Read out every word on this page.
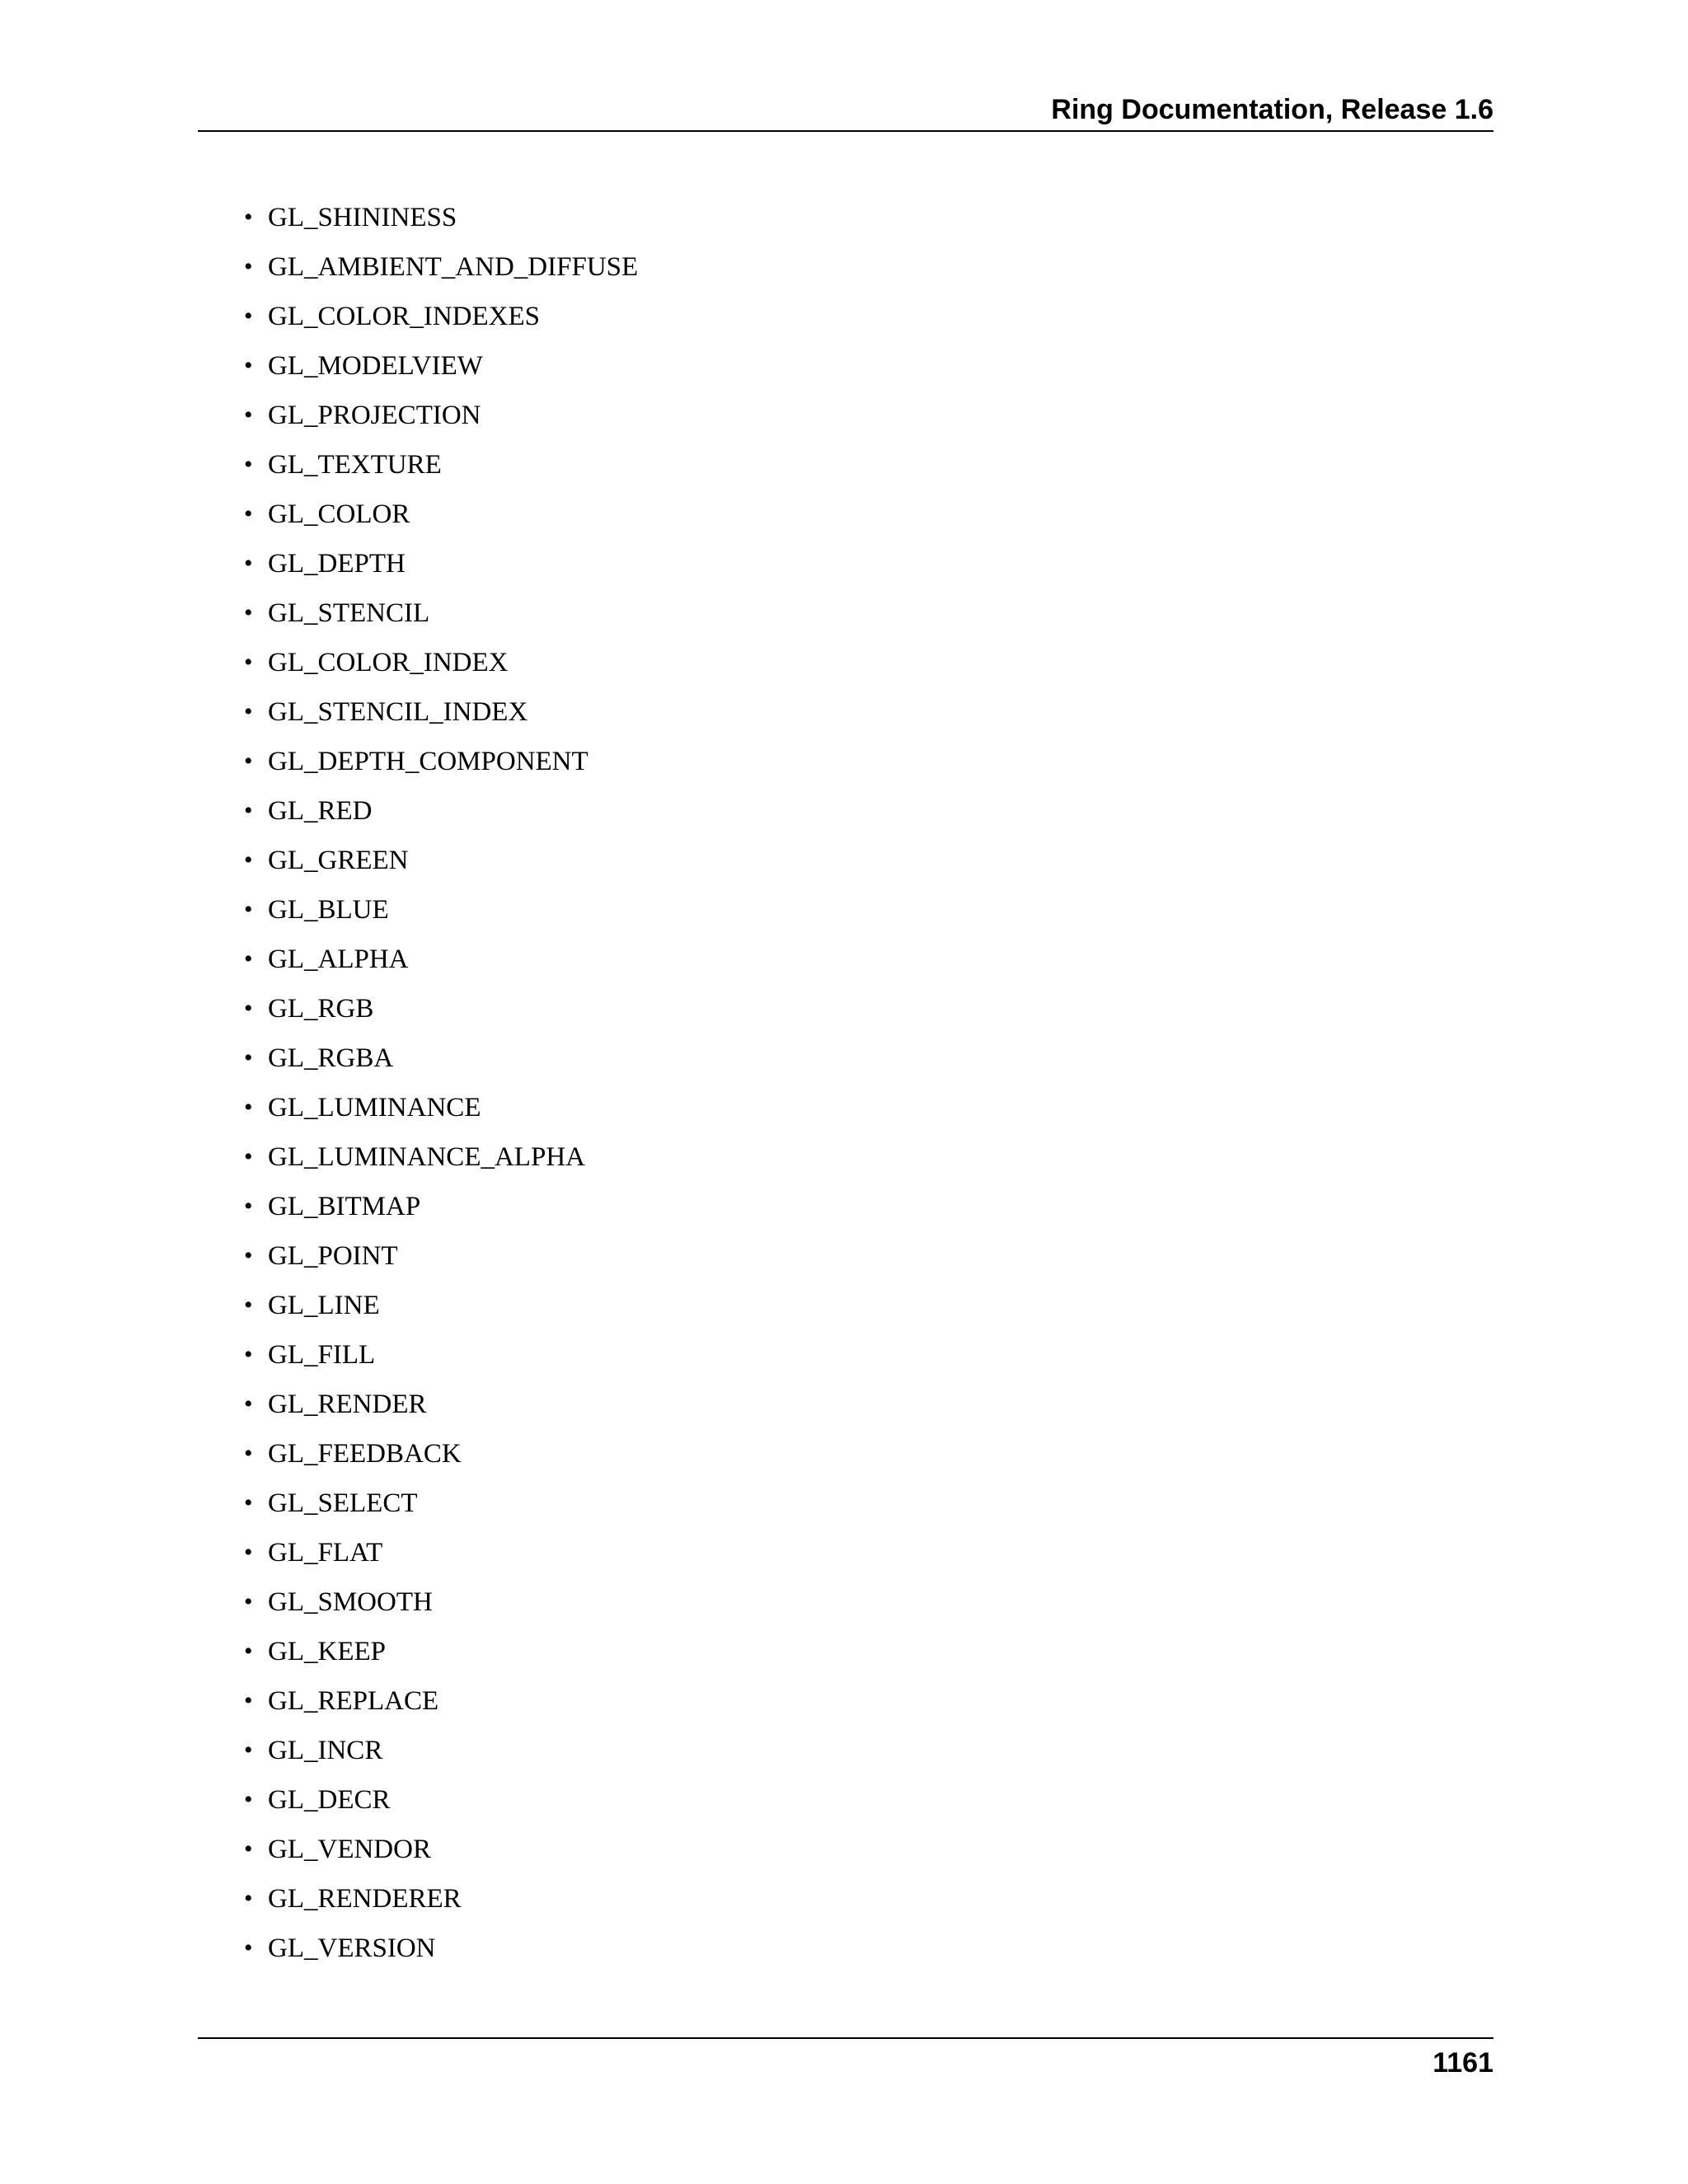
Ring Documentation, Release 1.6
• GL_SHININESS
• GL_AMBIENT_AND_DIFFUSE
• GL_COLOR_INDEXES
• GL_MODELVIEW
• GL_PROJECTION
• GL_TEXTURE
• GL_COLOR
• GL_DEPTH
• GL_STENCIL
• GL_COLOR_INDEX
• GL_STENCIL_INDEX
• GL_DEPTH_COMPONENT
• GL_RED
• GL_GREEN
• GL_BLUE
• GL_ALPHA
• GL_RGB
• GL_RGBA
• GL_LUMINANCE
• GL_LUMINANCE_ALPHA
• GL_BITMAP
• GL_POINT
• GL_LINE
• GL_FILL
• GL_RENDER
• GL_FEEDBACK
• GL_SELECT
• GL_FLAT
• GL_SMOOTH
• GL_KEEP
• GL_REPLACE
• GL_INCR
• GL_DECR
• GL_VENDOR
• GL_RENDERER
• GL_VERSION
1161
